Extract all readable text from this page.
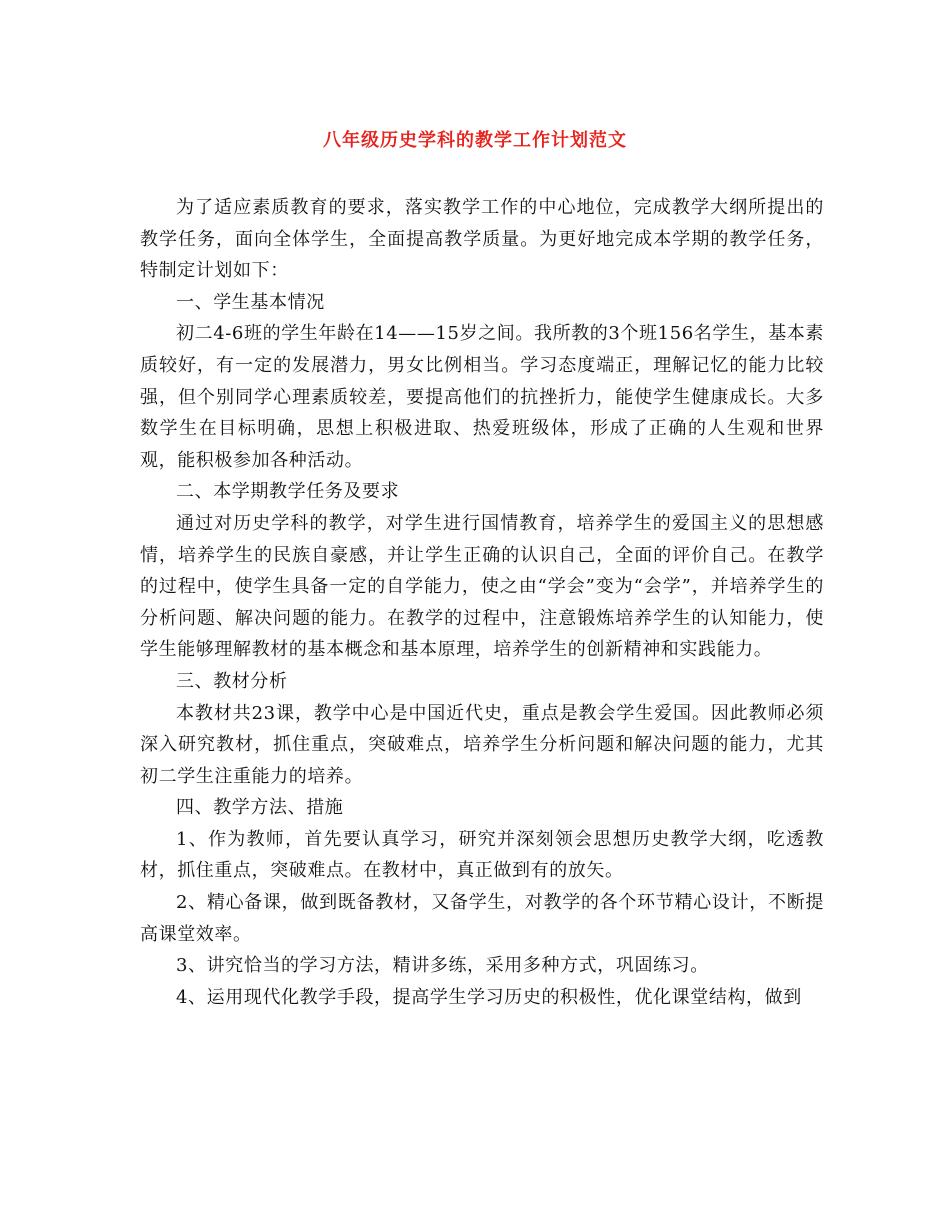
八年级历史学科的教学工作计划范文

为了适应素质教育的要求，落实教学工作的中心地位，完成教学大纲所提出的教学任务，面向全体学生，全面提高教学质量。为更好地完成本学期的教学任务，特制定计划如下：

一、学生基本情况

初二4-6班的学生年龄在14——15岁之间。我所教的3个班156名学生，基本素质较好，有一定的发展潜力，男女比例相当。学习态度端正，理解记忆的能力比较强，但个别同学心理素质较差，要提高他们的抗挫折力，能使学生健康成长。大多数学生在目标明确，思想上积极进取、热爱班级体，形成了正确的人生观和世界观，能积极参加各种活动。

二、本学期教学任务及要求

通过对历史学科的教学，对学生进行国情教育，培养学生的爱国主义的思想感情，培养学生的民族自豪感，并让学生正确的认识自己，全面的评价自己。在教学的过程中，使学生具备一定的自学能力，使之由“学会”变为“会学”，并培养学生的分析问题、解决问题的能力。在教学的过程中，注意锻炼培养学生的认知能力，使学生能够理解教材的基本概念和基本原理，培养学生的创新精神和实践能力。

三、教材分析

本教材共23课，教学中心是中国近代史，重点是教会学生爱国。因此教师必须深入研究教材，抓住重点，突破难点，培养学生分析问题和解决问题的能力，尤其初二学生注重能力的培养。

四、教学方法、措施

1、作为教师，首先要认真学习，研究并深刻领会思想历史教学大纲，吃透教材，抓住重点，突破难点。在教材中，真正做到有的放矢。

2、精心备课，做到既备教材，又备学生，对教学的各个环节精心设计，不断提高课堂效率。

3、讲究恰当的学习方法，精讲多练，采用多种方式，巩固练习。

4、运用现代化教学手段，提高学生学习历史的积极性，优化课堂结构，做到
